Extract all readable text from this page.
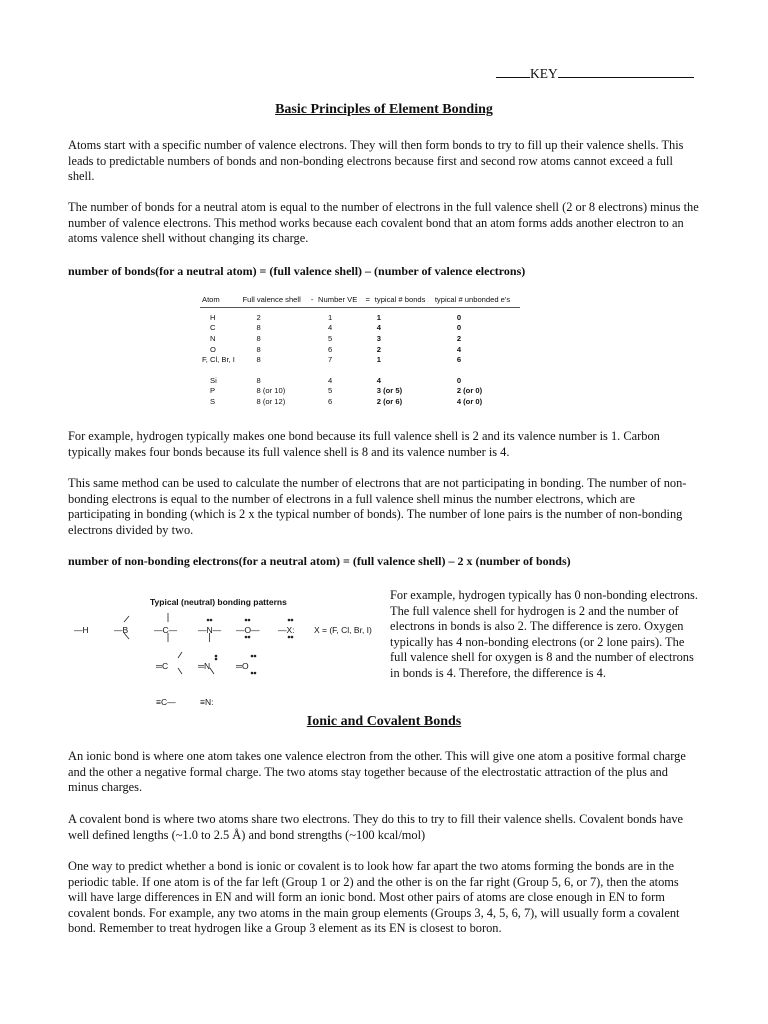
KEY
Basic Principles of Element Bonding

Atoms start with a specific number of valence electrons. They will then form bonds to try to fill up their valence shells. This leads to predictable numbers of bonds and non-bonding electrons because first and second row atoms cannot exceed a full shell.

The number of bonds for a neutral atom is equal to the number of electrons in the full valence shell (2 or 8 electrons) minus the number of valence electrons. This method works because each covalent bond that an atom forms adds another electron to an atoms valence shell without changing its charge.

number of bonds(for a neutral atom) = (full valence shell) – (number of valence electrons)
Atom	Full valence shell	-	Number VE	=	typical # bonds	typical # unbonded e's

H	2		1		1	0
C	8		4		4	0
N	8		5		3	2
O	8		6		2	4
F, Cl, Br, I	8		7		1	6

Si	8		4		4	0
P	8 (or 10)		5		3 (or 5)	2 (or 0)
S	8 (or 12)		6		2 (or 6)	4 (or 0)

For example, hydrogen typically makes one bond because its full valence shell is 2 and its valence number is 1. Carbon typically makes four bonds because its full valence shell is 8 and its valence number is 4.

This same method can be used to calculate the number of electrons that are not participating in bonding. The number of non-bonding electrons is equal to the number of electrons in a full valence shell minus the number electrons, which are participating in bonding (which is 2 x the typical number of bonds). The number of lone pairs is the number of non-bonding electrons divided by two.

number of non-bonding electrons(for a neutral atom) = (full valence shell) – 2 x (number of bonds)
Typical (neutral) bonding patterns
—H	—B	—C— —N— —O— —X: X = (F, Cl, Br, I)
═C	═N	═O
≡C—	≡N:

For example, hydrogen typically has 0 non-bonding electrons. The full valence shell for hydrogen is 2 and the number of electrons in bonds is also 2. The difference is zero. Oxygen typically has 4 non-bonding electrons (or 2 lone pairs). The full valence shell for oxygen is 8 and the number of electrons in bonds is 4. Therefore, the difference is 4.

Ionic and Covalent Bonds

An ionic bond is where one atom takes one valence electron from the other. This will give one atom a positive formal charge and the other a negative formal charge. The two atoms stay together because of the electrostatic attraction of the plus and minus charges.

A covalent bond is where two atoms share two electrons. They do this to try to fill their valence shells. Covalent bonds have well defined lengths (~1.0 to 2.5 Å) and bond strengths (~100 kcal/mol)

One way to predict whether a bond is ionic or covalent is to look how far apart the two atoms forming the bonds are in the periodic table. If one atom is of the far left (Group 1 or 2) and the other is on the far right (Group 5, 6, or 7), then the atoms will have large differences in EN and will form an ionic bond. Most other pairs of atoms are close enough in EN to form covalent bonds. For example, any two atoms in the main group elements (Groups 3, 4, 5, 6, 7), will usually form a covalent bond. Remember to treat hydrogen like a Group 3 element as its EN is closest to boron.
